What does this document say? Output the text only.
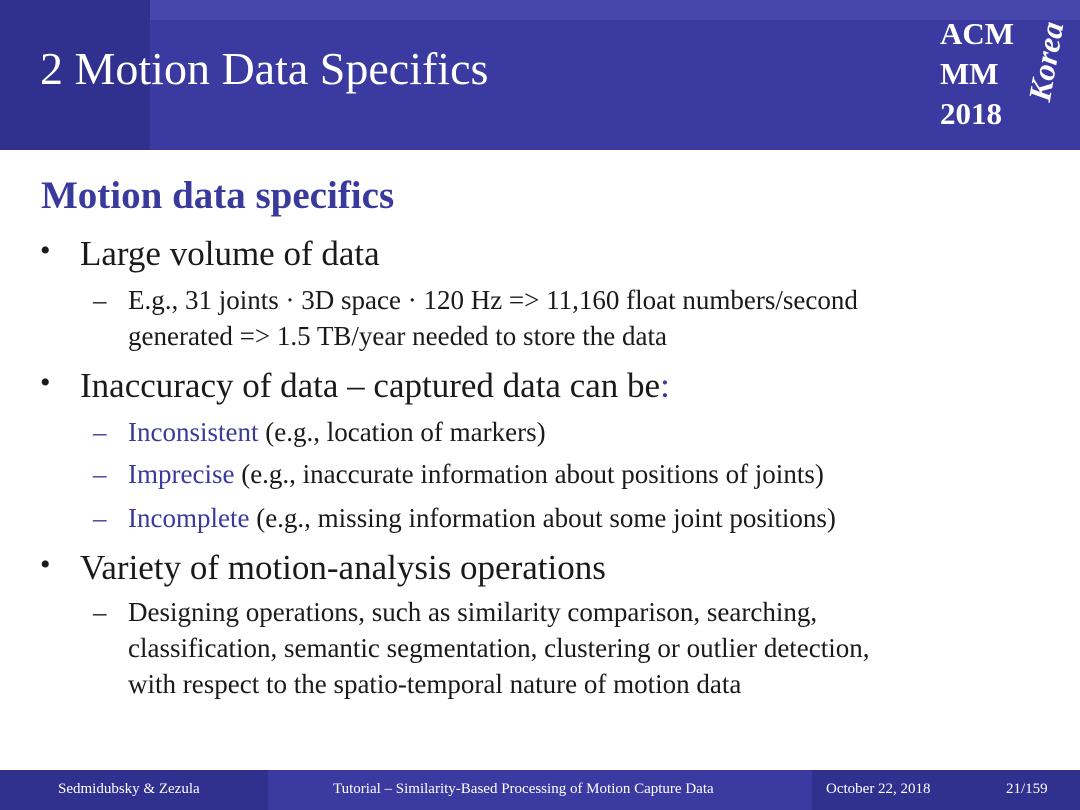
2 Motion Data Specifics
ACM
MM
2018
Korea
Motion data specifics
• Large volume of data
– E.g., 31 joints · 3D space · 120 Hz => 11,160 float numbers/second
generated => 1.5 TB/year needed to store the data
• Inaccuracy of data – captured data can be:
– Inconsistent (e.g., location of markers)
– Imprecise (e.g., inaccurate information about positions of joints)
– Incomplete (e.g., missing information about some joint positions)
• Variety of motion-analysis operations
– Designing operations, such as similarity comparison, searching,
classification, semantic segmentation, clustering or outlier detection,
with respect to the spatio-temporal nature of motion data
Sedmidubsky & Zezula	Tutorial – Similarity-Based Processing of Motion Capture Data	October 22, 2018	21/159
